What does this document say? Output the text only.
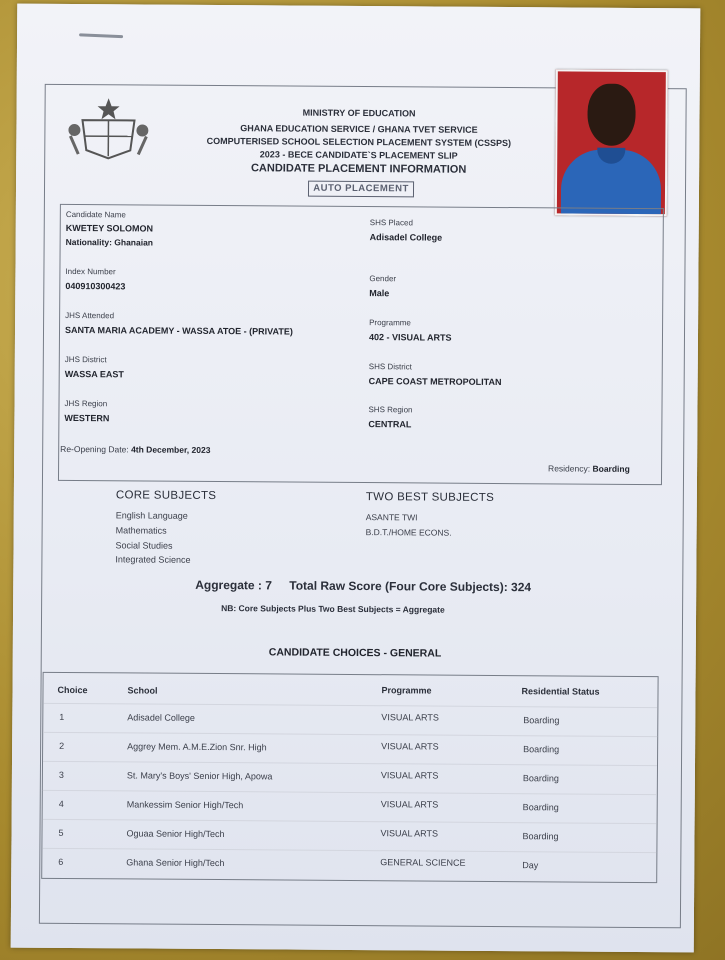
MINISTRY OF EDUCATION
GHANA EDUCATION SERVICE / GHANA TVET SERVICE
COMPUTERISED SCHOOL SELECTION PLACEMENT SYSTEM (CSSPS)
2023 - BECE CANDIDATE`S PLACEMENT SLIP
CANDIDATE PLACEMENT INFORMATION
AUTO PLACEMENT
Candidate Name
KWETEY SOLOMON
Nationality: Ghanaian
Index Number
040910300423
JHS Attended
SANTA MARIA ACADEMY - WASSA ATOE - (PRIVATE)
JHS District
WASSA EAST
JHS Region
WESTERN
SHS Placed
Adisadel College
Gender
Male
Programme
402 - VISUAL ARTS
SHS District
CAPE COAST METROPOLITAN
SHS Region
CENTRAL
Re-Opening Date: 4th December, 2023
Residency: Boarding
CORE SUBJECTS
English Language
Mathematics
Social Studies
Integrated Science
TWO BEST SUBJECTS
ASANTE TWI
B.D.T./HOME ECONS.
Aggregate : 7 Total Raw Score (Four Core Subjects): 324
NB: Core Subjects Plus Two Best Subjects = Aggregate
CANDIDATE CHOICES - GENERAL
Choice	School	Programme	Residential Status
1	Adisadel College	VISUAL ARTS	Boarding
2	Aggrey Mem. A.M.E.Zion Snr. High	VISUAL ARTS	Boarding
3	St. Mary's Boys' Senior High, Apowa	VISUAL ARTS	Boarding
4	Mankessim Senior High/Tech	VISUAL ARTS	Boarding
5	Oguaa Senior High/Tech	VISUAL ARTS	Boarding
6	Ghana Senior High/Tech	GENERAL SCIENCE	Day
